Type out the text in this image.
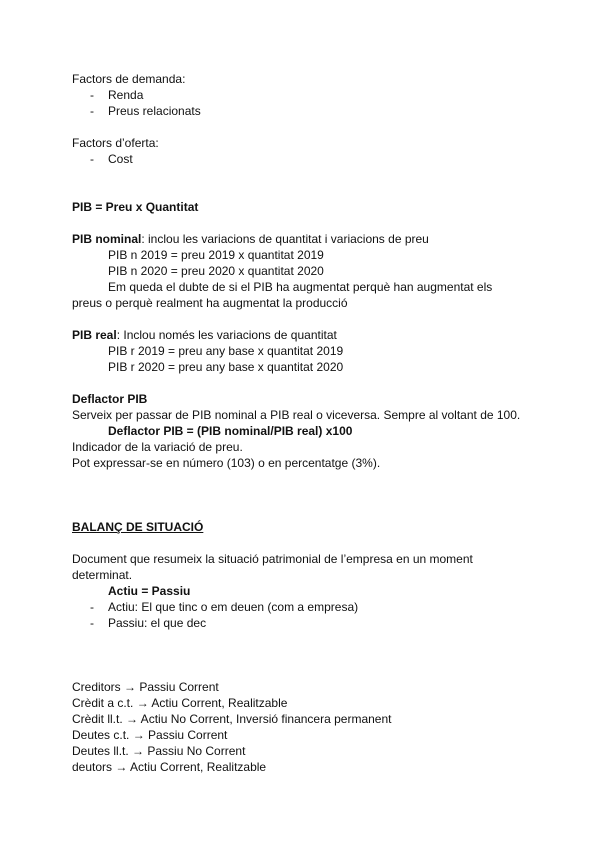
Factors de demanda:
- Renda
- Preus relacionats
Factors d’oferta:
- Cost
PIB = Preu x Quantitat
PIB nominal: inclou les variacions de quantitat i variacions de preu
PIB n 2019 = preu 2019 x quantitat 2019
PIB n 2020 = preu 2020 x quantitat 2020
Em queda el dubte de si el PIB ha augmentat perquè han augmentat els
preus o perquè realment ha augmentat la producció
PIB real: Inclou només les variacions de quantitat
PIB r 2019 = preu any base x quantitat 2019
PIB r 2020 = preu any base x quantitat 2020
Deflactor PIB
Serveix per passar de PIB nominal a PIB real o viceversa. Sempre al voltant de 100.
Deflactor PIB = (PIB nominal/PIB real) x100
Indicador de la variació de preu.
Pot expressar-se en número (103) o en percentatge (3%).
BALANÇ DE SITUACIÓ
Document que resumeix la situació patrimonial de l’empresa en un moment
determinat.
Actiu = Passiu
- Actiu: El que tinc o em deuen (com a empresa)
- Passiu: el que dec
Creditors → Passiu Corrent
Crèdit a c.t. → Actiu Corrent, Realitzable
Crèdit ll.t. → Actiu No Corrent, Inversió financera permanent
Deutes c.t. → Passiu Corrent
Deutes ll.t. → Passiu No Corrent
deutors → Actiu Corrent, Realitzable
